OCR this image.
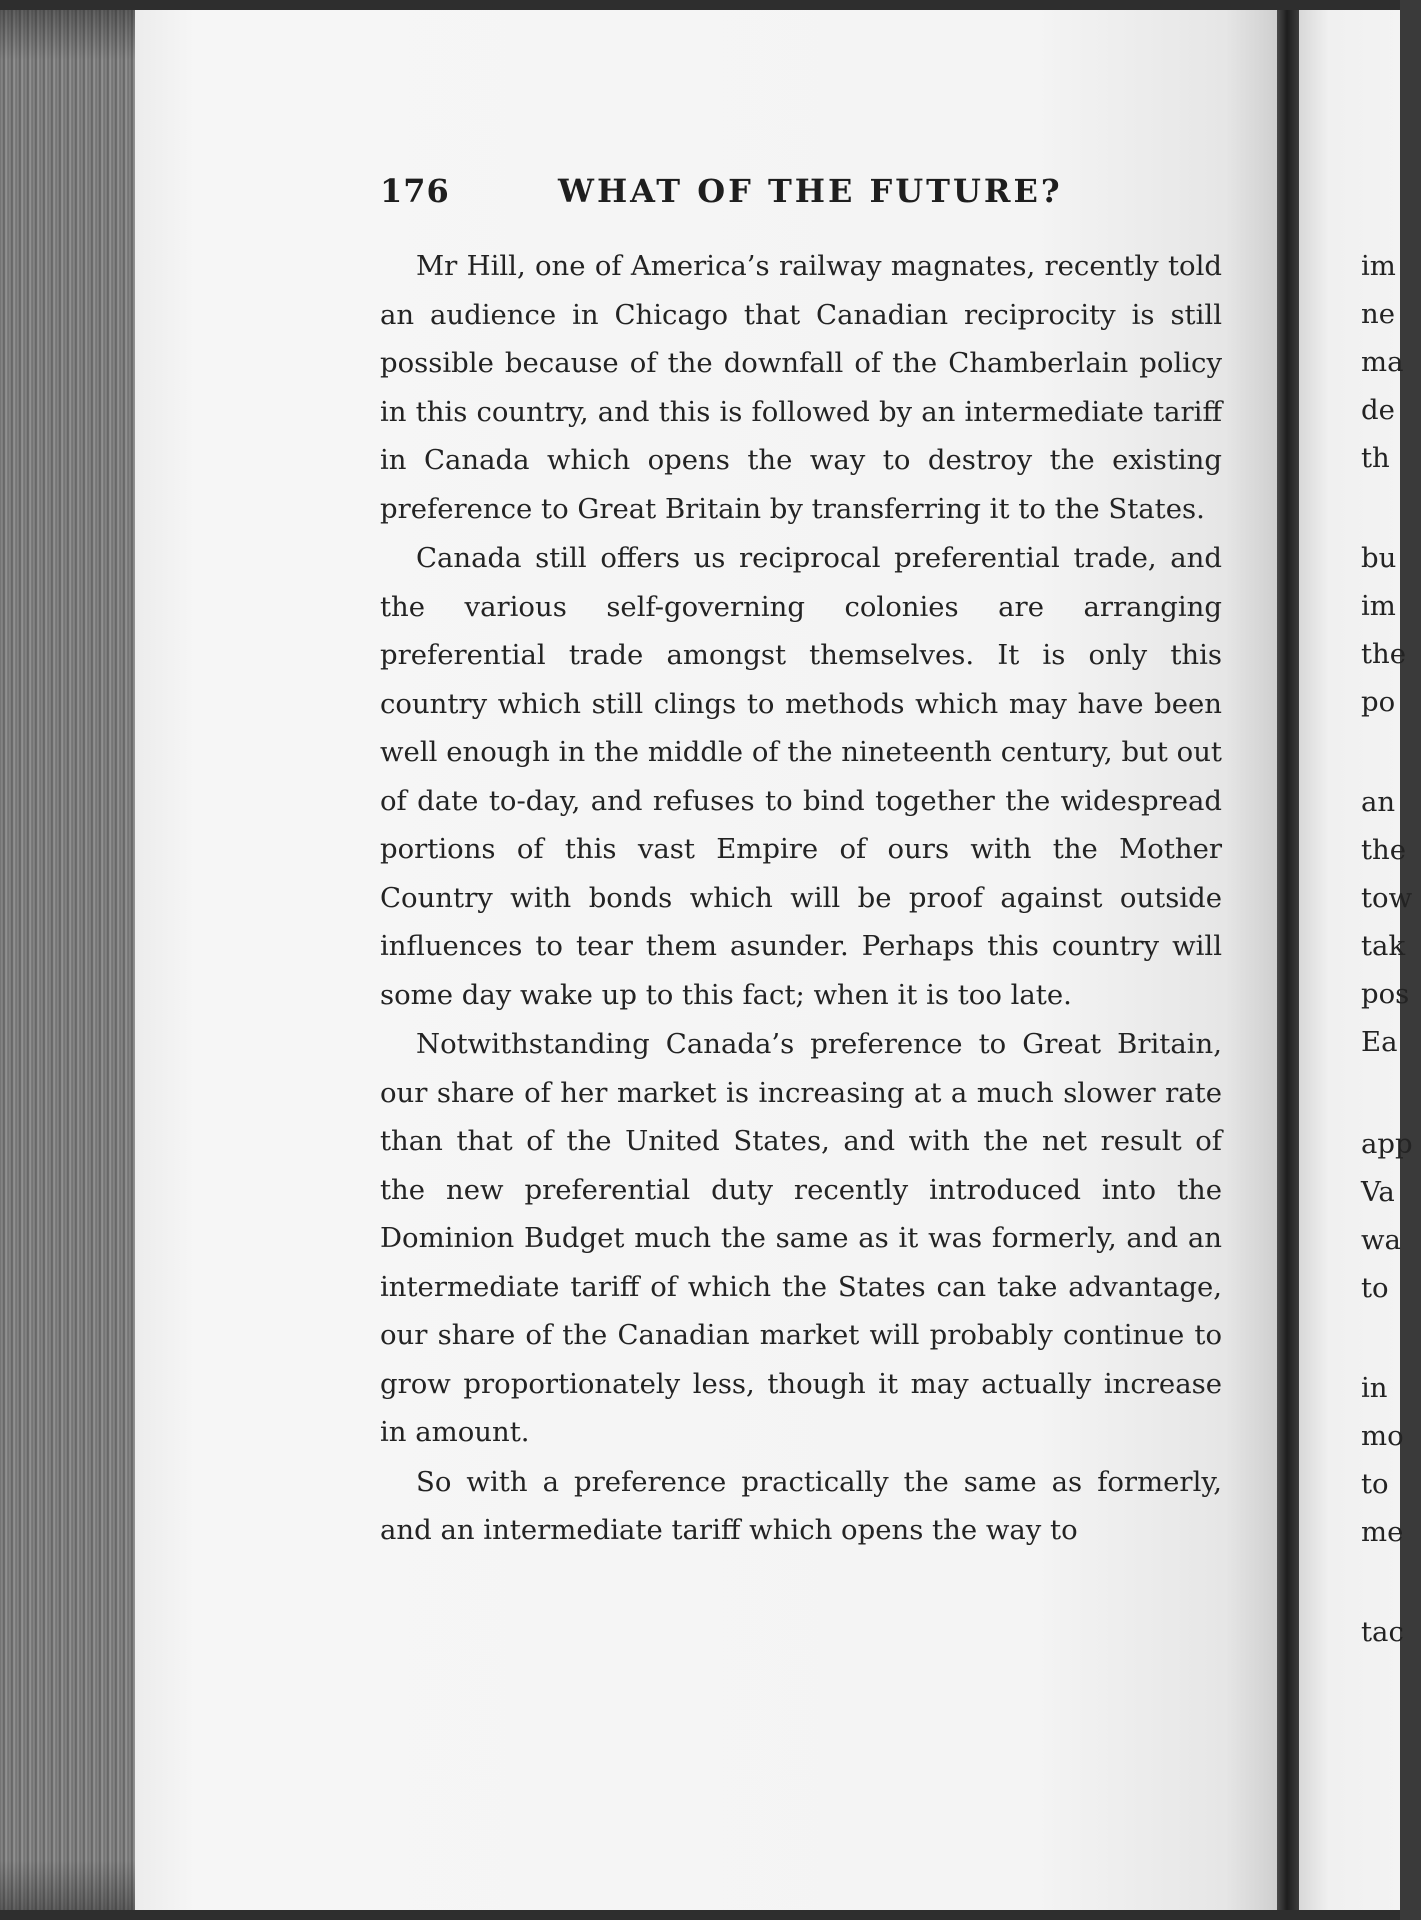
176	WHAT OF THE FUTURE?

Mr Hill, one of America’s railway magnates, recently told an audience in Chicago that Canadian reciprocity is still possible because of the downfall of the Chamberlain policy in this country, and this is followed by an intermediate tariff in Canada which opens the way to destroy the existing preference to Great Britain by transferring it to the States.

Canada still offers us reciprocal preferential trade, and the various self-governing colonies are arranging preferential trade amongst themselves. It is only this country which still clings to methods which may have been well enough in the middle of the nineteenth century, but out of date to-day, and refuses to bind together the widespread portions of this vast Empire of ours with the Mother Country with bonds which will be proof against outside influences to tear them asunder. Perhaps this country will some day wake up to this fact; when it is too late.

Notwithstanding Canada’s preference to Great Britain, our share of her market is increasing at a much slower rate than that of the United States, and with the net result of the new preferential duty recently introduced into the Dominion Budget much the same as it was formerly, and an intermediate tariff of which the States can take advantage, our share of the Canadian market will probably continue to grow proportionately less, though it may actually increase in amount.

So with a preference practically the same as formerly, and an intermediate tariff which opens the way to

im
ne
ma
de
th
bu
im
the
po
an
the
tow
tak
pos
Ea
app
Va
wa
to
in
mo
to
me
tac
